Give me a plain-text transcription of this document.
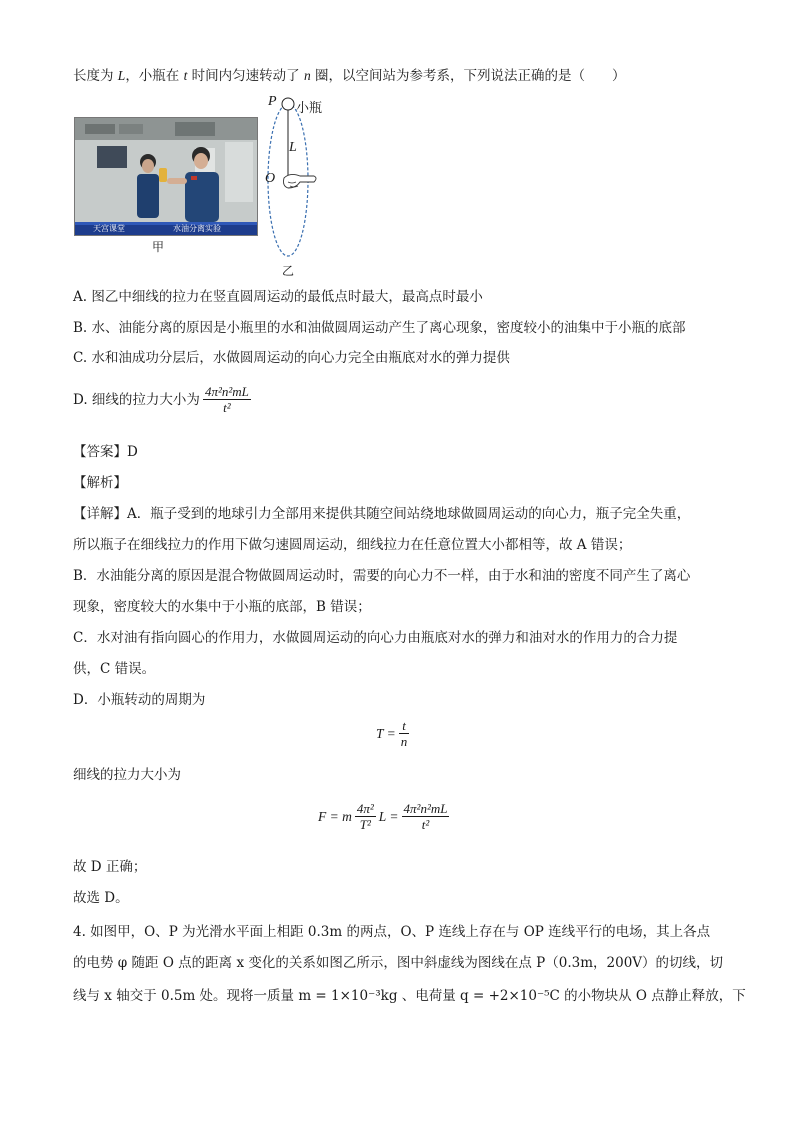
长度为 L，小瓶在 t 时间内匀速转动了 n 圈，以空间站为参考系，下列说法正确的是（　　）
天宫课堂	水油分离实验
甲
P 小瓶
L
O
乙
A. 图乙中细线的拉力在竖直圆周运动的最低点时最大，最高点时最小
B. 水、油能分离的原因是小瓶里的水和油做圆周运动产生了离心现象，密度较小的油集中于小瓶的底部
C. 水和油成功分层后，水做圆周运动的向心力完全由瓶底对水的弹力提供
D. 细线的拉力大小为 $\frac{\text{4π²n²mL}}{\text{t²}}$
【答案】D
【解析】
【详解】A．瓶子受到的地球引力全部用来提供其随空间站绕地球做圆周运动的向心力，瓶子完全失重，
所以瓶子在细线拉力的作用下做匀速圆周运动，细线拉力在任意位置大小都相等，故 A 错误；
B．水油能分离的原因是混合物做圆周运动时，需要的向心力不一样，由于水和油的密度不同产生了离心
现象，密度较大的水集中于小瓶的底部，B 错误；
C．水对油有指向圆心的作用力，水做圆周运动的向心力由瓶底对水的弹力和油对水的作用力的合力提
供，C 错误。
D．小瓶转动的周期为
$T = \frac{t}{n}$
细线的拉力大小为
F = m $\frac{\text{4π²}}{\text{T²}}$ $L = \frac{\text{4π²n²mL}}{\text{t²}}$
故 D 正确；
故选 D。
4. 如图甲，O、P 为光滑水平面上相距 0.3m 的两点，O、P 连线上存在与 OP 连线平行的电场，其上各点
的电势 φ 随距 O 点的距离 x 变化的关系如图乙所示，图中斜虚线为图线在点 P（0.3m，200V）的切线，切
线与 x 轴交于 0.5m 处。现将一质量 m = 1×10⁻³kg 、电荷量 q = +2×10⁻⁵C 的小物块从 O 点静止释放，下
